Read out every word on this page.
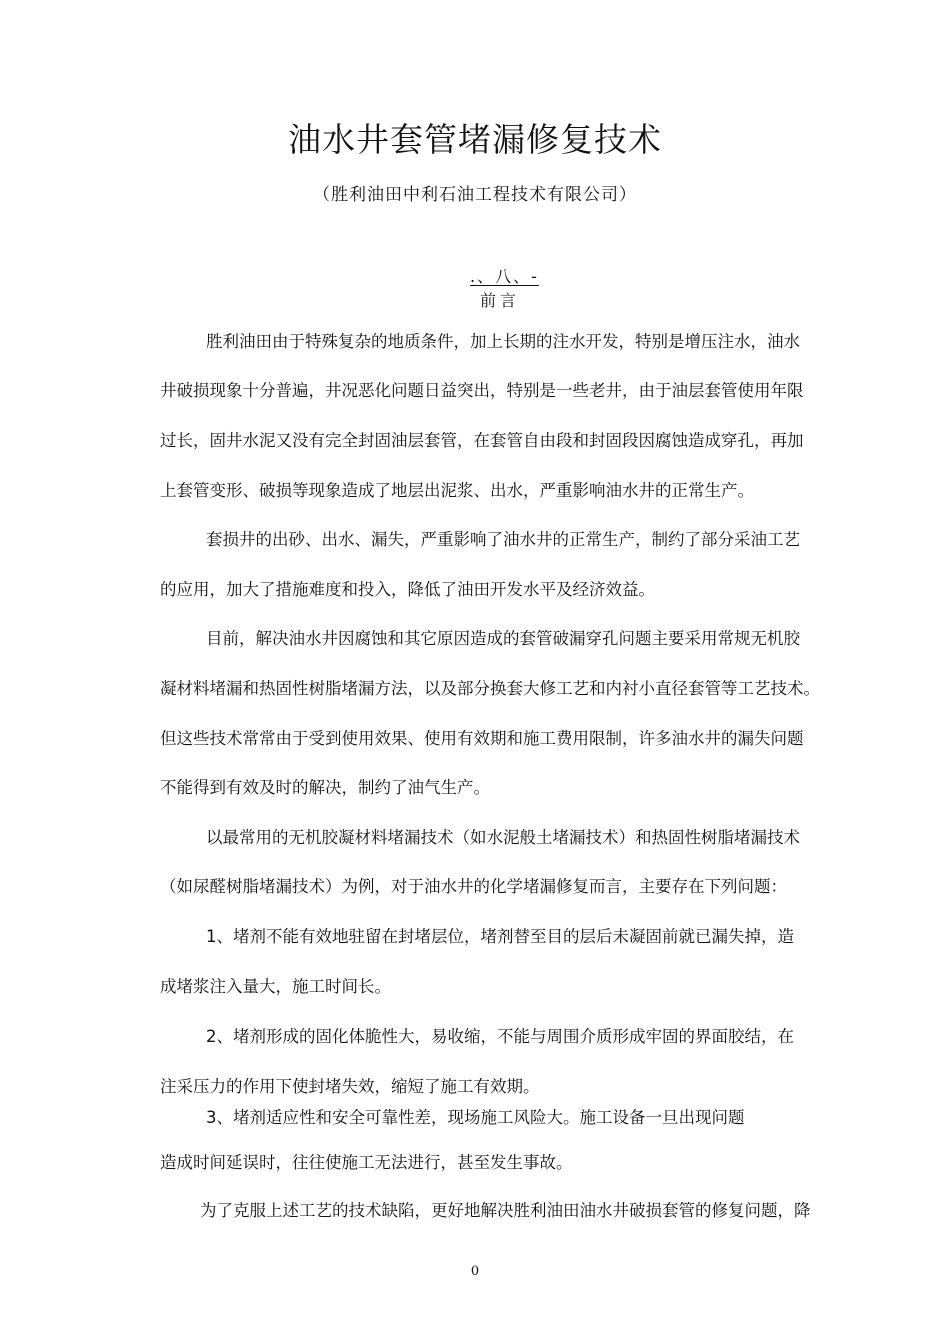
油水井套管堵漏修复技术
（胜利油田中利石油工程技术有限公司）
.、八、-
前言
胜利油田由于特殊复杂的地质条件，加上长期的注水开发，特别是增压注水，油水
井破损现象十分普遍，井况恶化问题日益突出，特别是一些老井，由于油层套管使用年限
过长，固井水泥又没有完全封固油层套管，在套管自由段和封固段因腐蚀造成穿孔，再加
上套管变形、破损等现象造成了地层出泥浆、出水，严重影响油水井的正常生产。
套损井的出砂、出水、漏失，严重影响了油水井的正常生产，制约了部分采油工艺
的应用，加大了措施难度和投入，降低了油田开发水平及经济效益。
目前，解决油水井因腐蚀和其它原因造成的套管破漏穿孔问题主要采用常规无机胶
凝材料堵漏和热固性树脂堵漏方法，以及部分换套大修工艺和内衬小直径套管等工艺技术。
但这些技术常常由于受到使用效果、使用有效期和施工费用限制，许多油水井的漏失问题
不能得到有效及时的解决，制约了油气生产。
以最常用的无机胶凝材料堵漏技术（如水泥般土堵漏技术）和热固性树脂堵漏技术
（如尿醛树脂堵漏技术）为例，对于油水井的化学堵漏修复而言，主要存在下列问题：
1、堵剂不能有效地驻留在封堵层位，堵剂替至目的层后未凝固前就已漏失掉，造
成堵浆注入量大，施工时间长。
2、堵剂形成的固化体脆性大，易收缩，不能与周围介质形成牢固的界面胶结，在
注采压力的作用下使封堵失效，缩短了施工有效期。
3、堵剂适应性和安全可靠性差，现场施工风险大。施工设备一旦出现问题
造成时间延误时，往往使施工无法进行，甚至发生事故。
为了克服上述工艺的技术缺陷，更好地解决胜利油田油水井破损套管的修复问题，降
0
